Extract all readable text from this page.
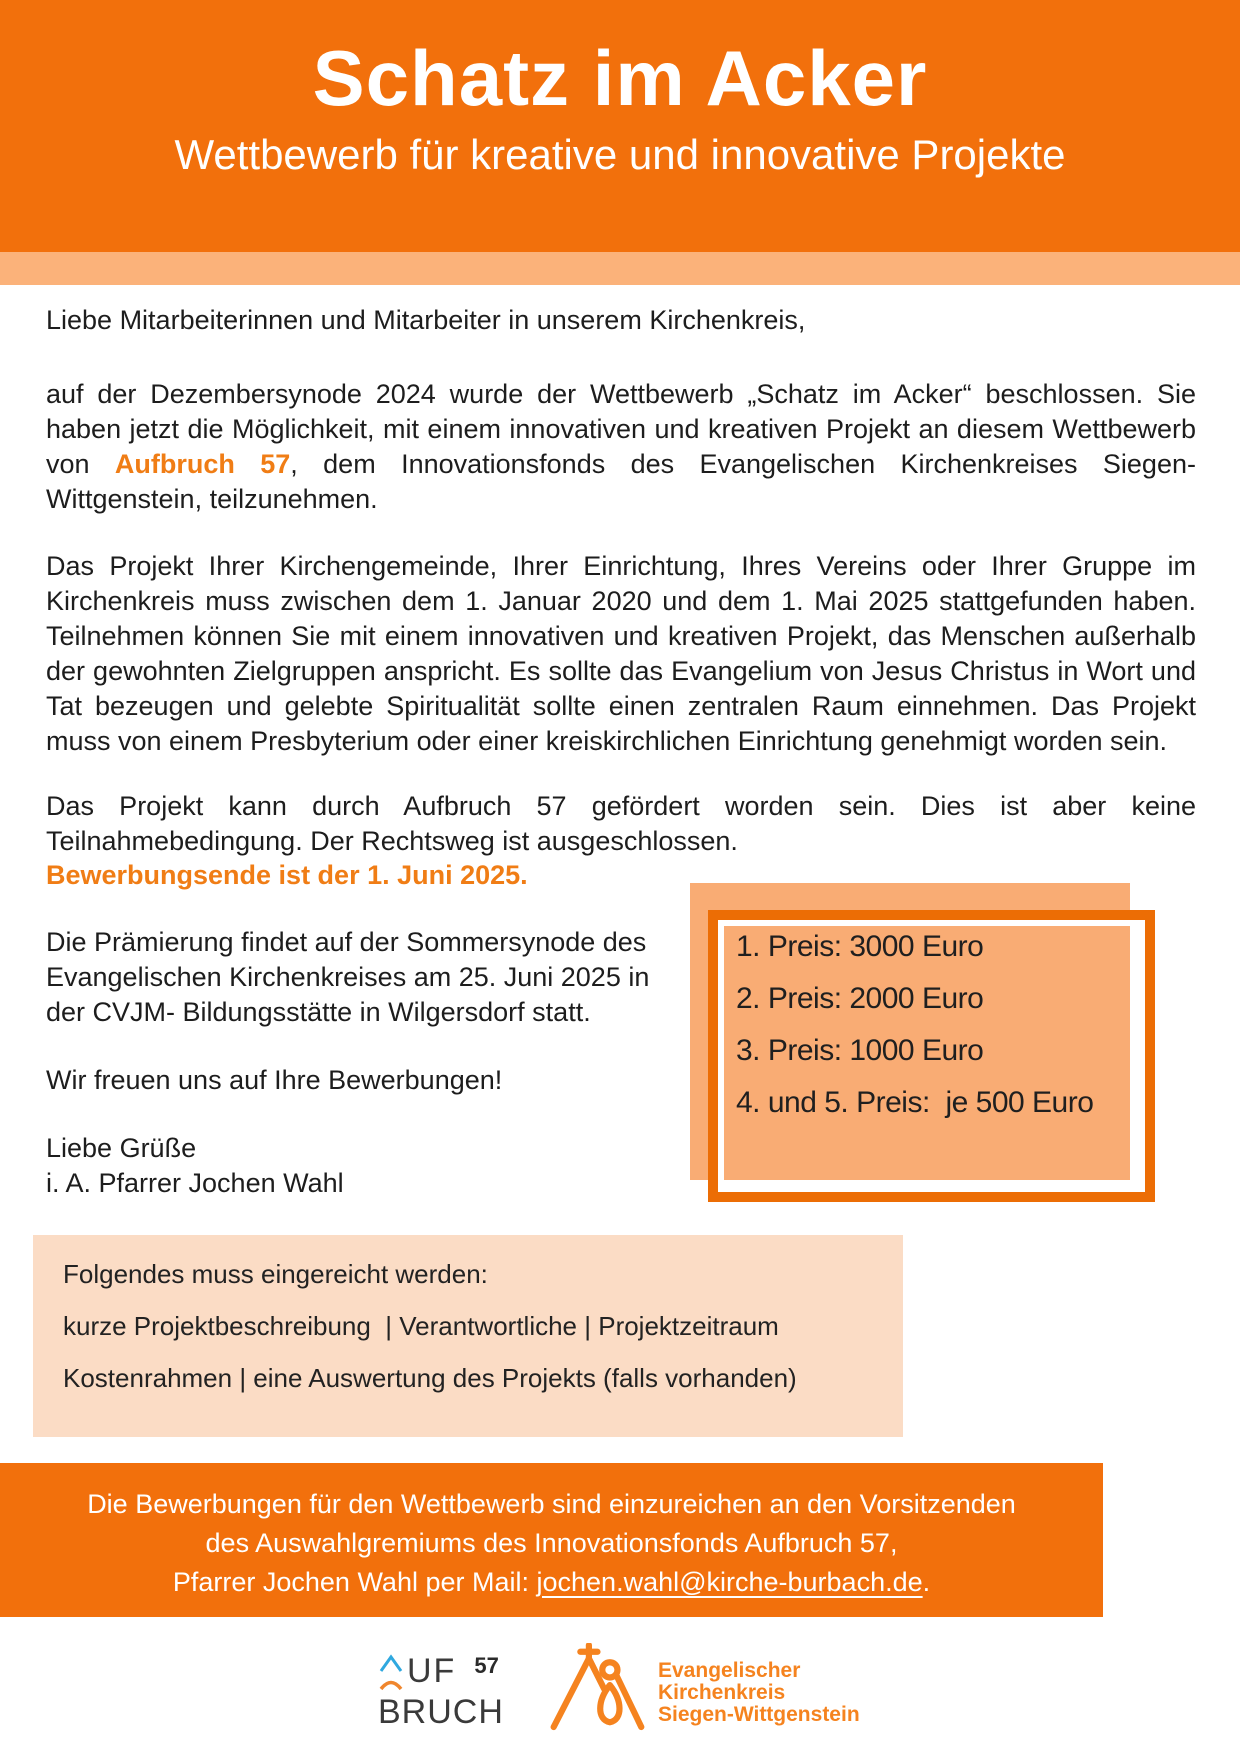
Schatz im Acker
Wettbewerb für kreative und innovative Projekte
Liebe Mitarbeiterinnen und Mitarbeiter in unserem Kirchenkreis,
auf der Dezembersynode 2024 wurde der Wettbewerb „Schatz im Acker“ beschlossen. Sie haben jetzt die Möglichkeit, mit einem innovativen und kreativen Projekt an diesem Wettbewerb von Aufbruch 57, dem Innovationsfonds des Evangelischen Kirchenkreises Siegen-Wittgenstein, teilzunehmen.
Das Projekt Ihrer Kirchengemeinde, Ihrer Einrichtung, Ihres Vereins oder Ihrer Gruppe im Kirchenkreis muss zwischen dem 1. Januar 2020 und dem 1. Mai 2025 stattgefunden haben. Teilnehmen können Sie mit einem innovativen und kreativen Projekt, das Menschen außerhalb der gewohnten Zielgruppen anspricht. Es sollte das Evangelium von Jesus Christus in Wort und Tat bezeugen und gelebte Spiritualität sollte einen zentralen Raum einnehmen. Das Projekt muss von einem Presbyterium oder einer kreiskirchlichen Einrichtung genehmigt worden sein.
Das Projekt kann durch Aufbruch 57 gefördert worden sein. Dies ist aber keine Teilnahmebedingung. Der Rechtsweg ist ausgeschlossen.
Bewerbungsende ist der 1. Juni 2025.
Die Prämierung findet auf der Sommersynode des Evangelischen Kirchenkreises am 25. Juni 2025 in der CVJM- Bildungsstätte in Wilgersdorf statt.
Wir freuen uns auf Ihre Bewerbungen!
Liebe Grüße
i. A. Pfarrer Jochen Wahl
1. Preis: 3000 Euro
2. Preis: 2000 Euro
3. Preis: 1000 Euro
4. und 5. Preis:  je 500 Euro
Folgendes muss eingereicht werden:
kurze Projektbeschreibung  | Verantwortliche | Projektzeitraum
Kostenrahmen | eine Auswertung des Projekts (falls vorhanden)
Die Bewerbungen für den Wettbewerb sind einzureichen an den Vorsitzenden
des Auswahlgremiums des Innovationsfonds Aufbruch 57,
Pfarrer Jochen Wahl per Mail: jochen.wahl@kirche-burbach.de.
UF 57
BRUCH
Evangelischer
Kirchenkreis
Siegen-Wittgenstein
